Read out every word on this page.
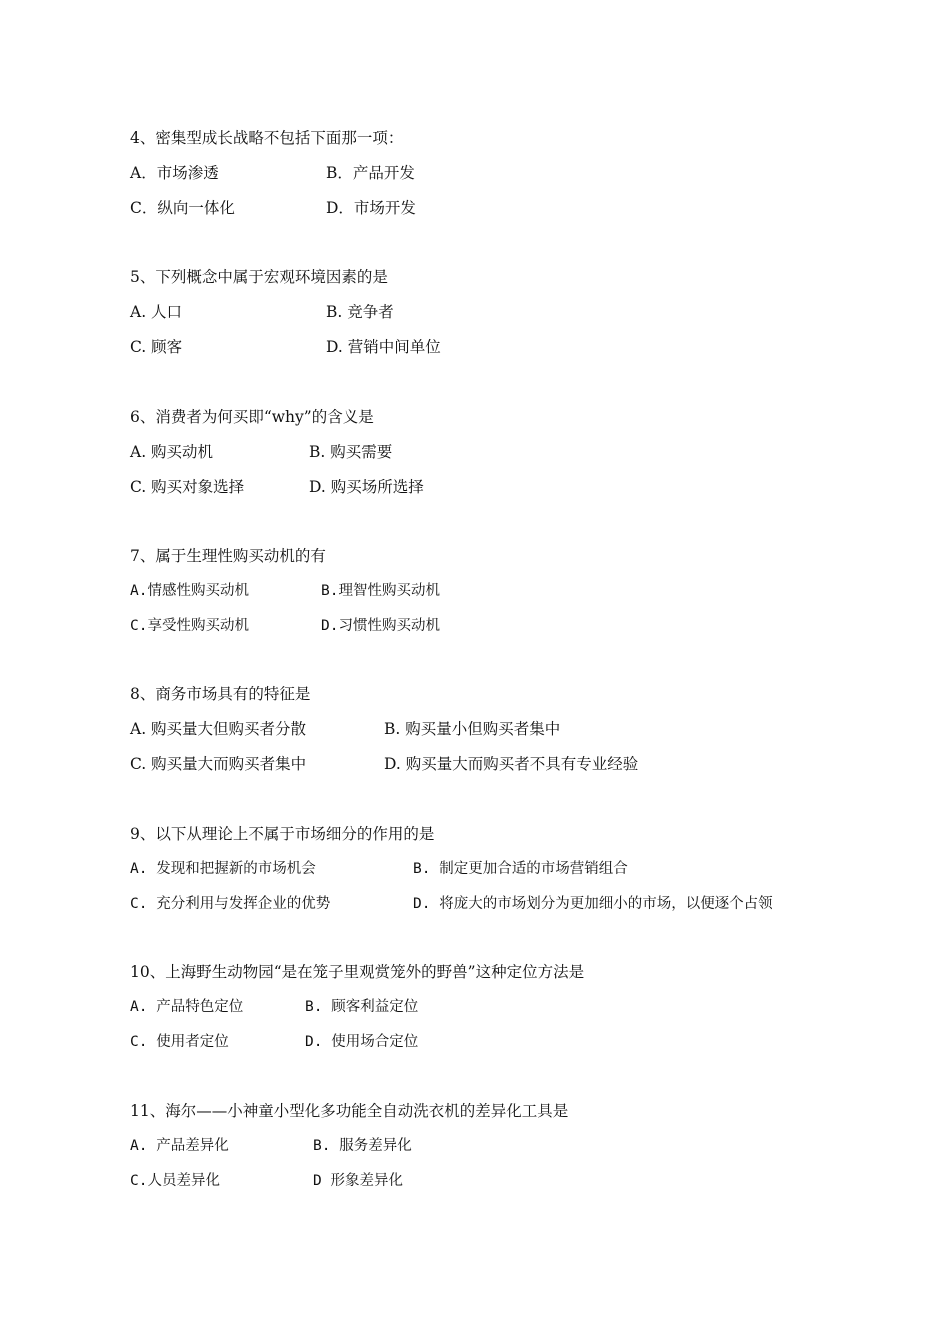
4、密集型成长战略不包括下面那一项：
A．市场渗透	B．产品开发
C．纵向一体化	D．市场开发
5、下列概念中属于宏观环境因素的是
A. 人口	B. 竞争者
C. 顾客	D. 营销中间单位
6、消费者为何买即“why”的含义是
A. 购买动机	B. 购买需要
C. 购买对象选择	D. 购买场所选择
7、属于生理性购买动机的有
A.情感性购买动机	B.理智性购买动机
C.享受性购买动机	D.习惯性购买动机
8、商务市场具有的特征是
A. 购买量大但购买者分散	B. 购买量小但购买者集中
C. 购买量大而购买者集中	D. 购买量大而购买者不具有专业经验
9、以下从理论上不属于市场细分的作用的是
A. 发现和把握新的市场机会	B. 制定更加合适的市场营销组合
C. 充分利用与发挥企业的优势	D. 将庞大的市场划分为更加细小的市场，以便逐个占领
10、上海野生动物园“是在笼子里观赏笼外的野兽”这种定位方法是
A. 产品特色定位	B. 顾客利益定位
C. 使用者定位	D. 使用场合定位
11、海尔——小神童小型化多功能全自动洗衣机的差异化工具是
A. 产品差异化	B. 服务差异化
C.人员差异化	D 形象差异化
